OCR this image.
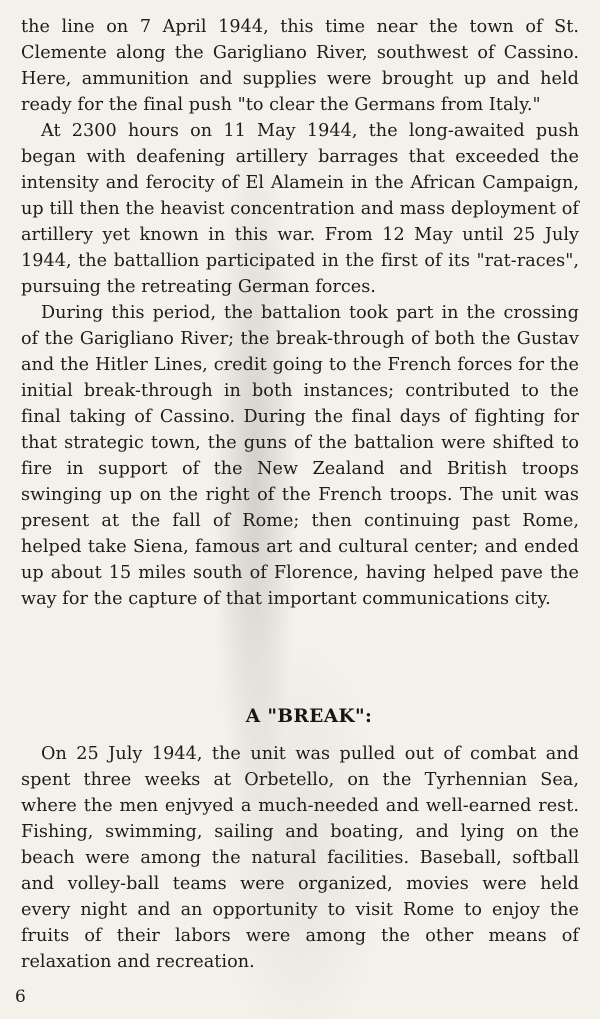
the line on 7 April 1944, this time near the town of St. Clemente along the Garigliano River, southwest of Cassino. Here, ammunition and supplies were brought up and held ready for the final push "to clear the Germans from Italy."

At 2300 hours on 11 May 1944, the long-awaited push began with deafening artillery barrages that exceeded the intensity and ferocity of El Alamein in the African Campaign, up till then the heavist concentration and mass deployment of artillery yet known in this war. From 12 May until 25 July 1944, the battallion participated in the first of its "rat-races", pursuing the retreating German forces.

During this period, the battalion took part in the crossing of the Garigliano River; the break-through of both the Gustav and the Hitler Lines, credit going to the French forces for the initial break-through in both instances; contributed to the final taking of Cassino. During the final days of fighting for that strategic town, the guns of the battalion were shifted to fire in support of the New Zealand and British troops swinging up on the right of the French troops. The unit was present at the fall of Rome; then continuing past Rome, helped take Siena, famous art and cultural center; and ended up about 15 miles south of Florence, having helped pave the way for the capture of that important communications city.

A "BREAK":

On 25 July 1944, the unit was pulled out of combat and spent three weeks at Orbetello, on the Tyrhennian Sea, where the men enjvyed a much-needed and well-earned rest. Fishing, swimming, sailing and boating, and lying on the beach were among the natural facilities. Baseball, softball and volley-ball teams were organized, movies were held every night and an opportunity to visit Rome to enjoy the fruits of their labors were among the other means of relaxation and recreation.

6
